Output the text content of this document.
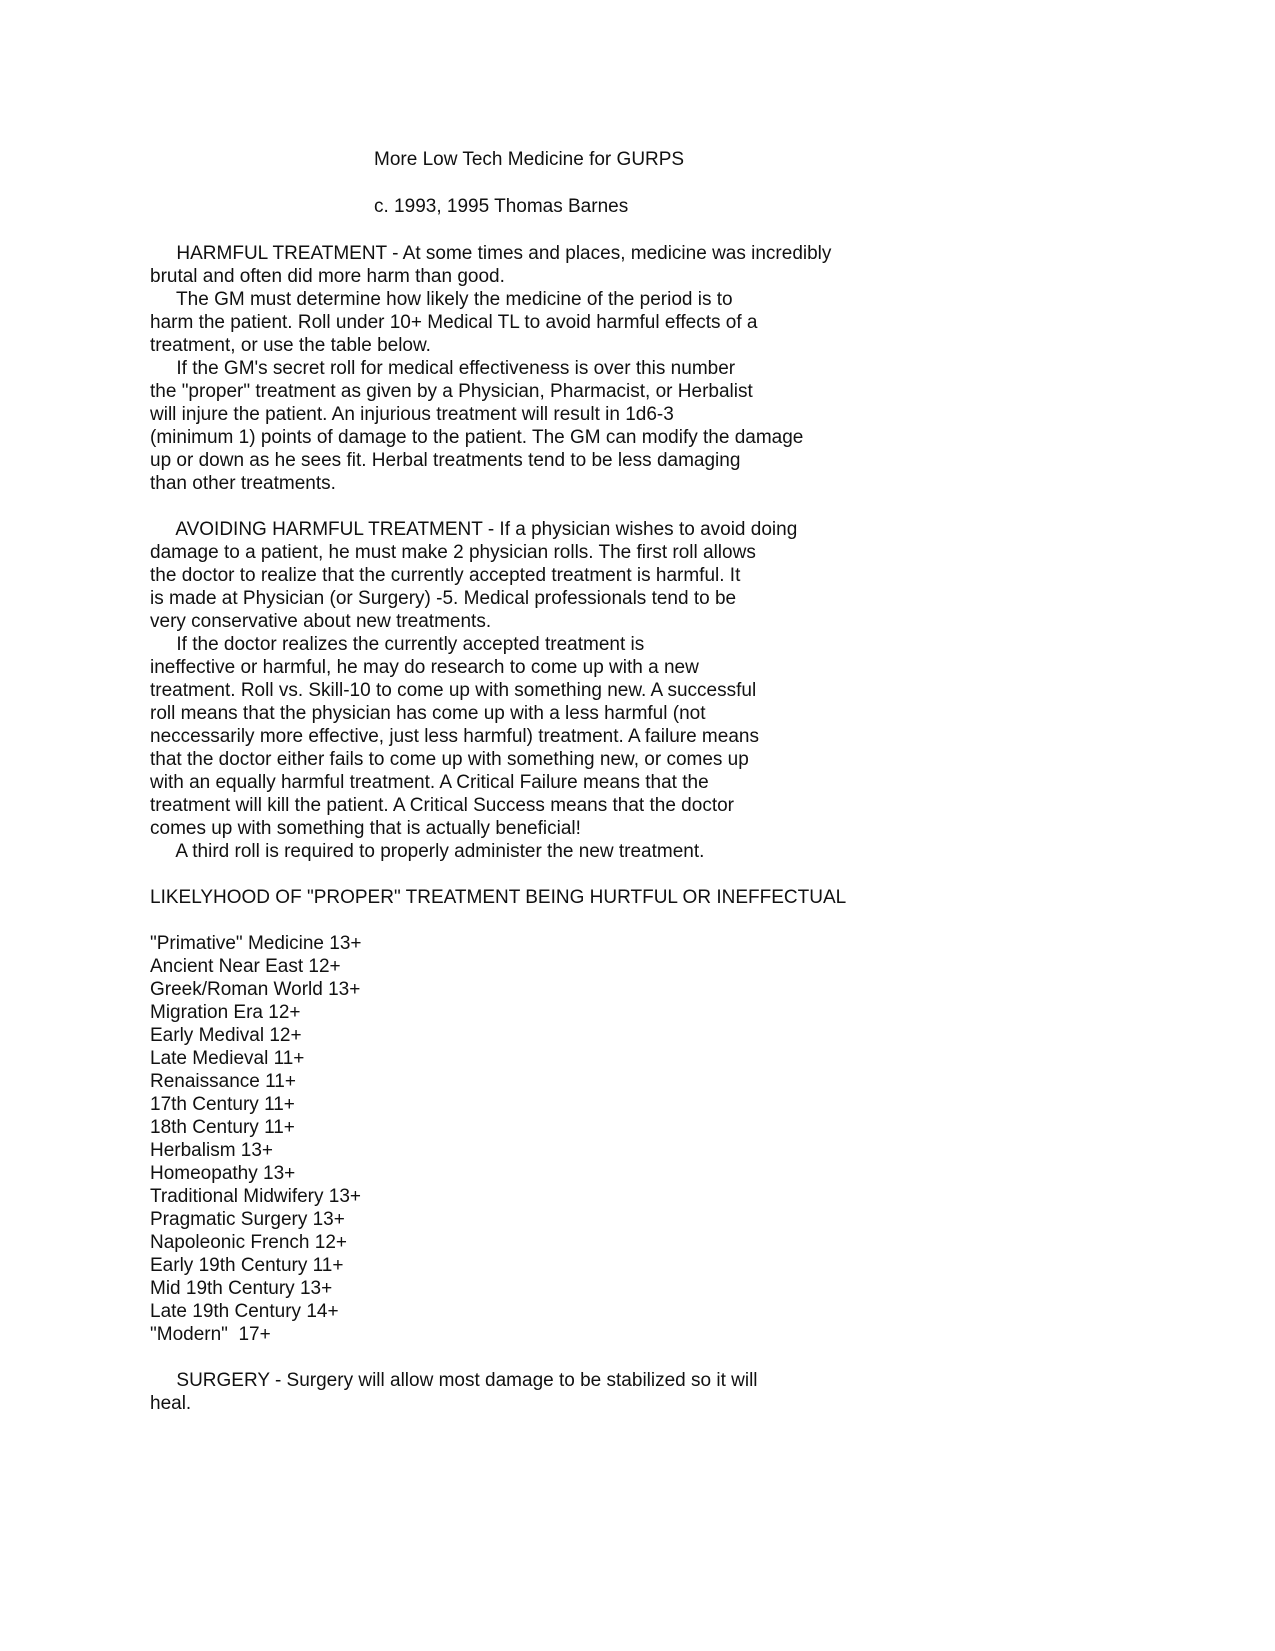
More Low Tech Medicine for GURPS
c. 1993, 1995 Thomas Barnes
HARMFUL TREATMENT - At some times and places, medicine was incredibly
brutal and often did more harm than good.
The GM must determine how likely the medicine of the period is to
harm the patient. Roll under 10+ Medical TL to avoid harmful effects of a
treatment, or use the table below.
If the GM's secret roll for medical effectiveness is over this number
the "proper" treatment as given by a Physician, Pharmacist, or Herbalist
will injure the patient. An injurious treatment will result in 1d6-3
(minimum 1) points of damage to the patient. The GM can modify the damage
up or down as he sees fit. Herbal treatments tend to be less damaging
than other treatments.
AVOIDING HARMFUL TREATMENT - If a physician wishes to avoid doing
damage to a patient, he must make 2 physician rolls. The first roll allows
the doctor to realize that the currently accepted treatment is harmful. It
is made at Physician (or Surgery) -5. Medical professionals tend to be
very conservative about new treatments.
If the doctor realizes the currently accepted treatment is
ineffective or harmful, he may do research to come up with a new
treatment. Roll vs. Skill-10 to come up with something new. A successful
roll means that the physician has come up with a less harmful (not
neccessarily more effective, just less harmful) treatment. A failure means
that the doctor either fails to come up with something new, or comes up
with an equally harmful treatment. A Critical Failure means that the
treatment will kill the patient. A Critical Success means that the doctor
comes up with something that is actually beneficial!
A third roll is required to properly administer the new treatment.
LIKELYHOOD OF "PROPER" TREATMENT BEING HURTFUL OR INEFFECTUAL
"Primative" Medicine 13+
Ancient Near East 12+
Greek/Roman World 13+
Migration Era 12+
Early Medival 12+
Late Medieval 11+
Renaissance 11+
17th Century 11+
18th Century 11+
Herbalism 13+
Homeopathy 13+
Traditional Midwifery 13+
Pragmatic Surgery 13+
Napoleonic French 12+
Early 19th Century 11+
Mid 19th Century 13+
Late 19th Century 14+
"Modern"  17+
SURGERY - Surgery will allow most damage to be stabilized so it will
heal.
